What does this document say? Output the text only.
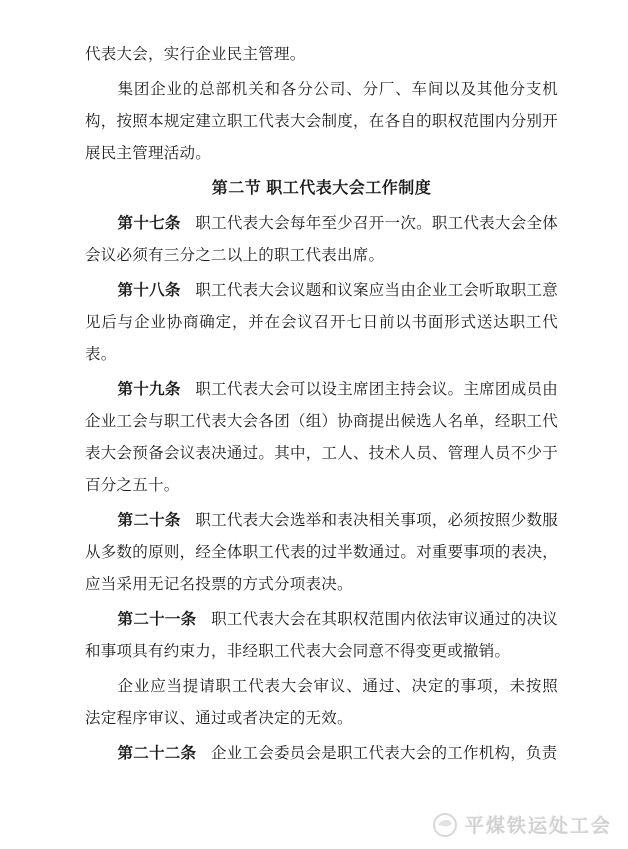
代表大会，实行企业民主管理。

集团企业的总部机关和各分公司、分厂、车间以及其他分支机构，按照本规定建立职工代表大会制度，在各自的职权范围内分别开展民主管理活动。

第二节 职工代表大会工作制度

第十七条 职工代表大会每年至少召开一次。职工代表大会全体会议必须有三分之二以上的职工代表出席。

第十八条 职工代表大会议题和议案应当由企业工会听取职工意见后与企业协商确定，并在会议召开七日前以书面形式送达职工代表。

第十九条 职工代表大会可以设主席团主持会议。主席团成员由企业工会与职工代表大会各团（组）协商提出候选人名单，经职工代表大会预备会议表决通过。其中，工人、技术人员、管理人员不少于百分之五十。

第二十条 职工代表大会选举和表决相关事项，必须按照少数服从多数的原则，经全体职工代表的过半数通过。对重要事项的表决，应当采用无记名投票的方式分项表决。

第二十一条 职工代表大会在其职权范围内依法审议通过的决议和事项具有约束力，非经职工代表大会同意不得变更或撤销。

企业应当提请职工代表大会审议、通过、决定的事项，未按照法定程序审议、通过或者决定的无效。

第二十二条 企业工会委员会是职工代表大会的工作机构，负责

平煤铁运处工会
